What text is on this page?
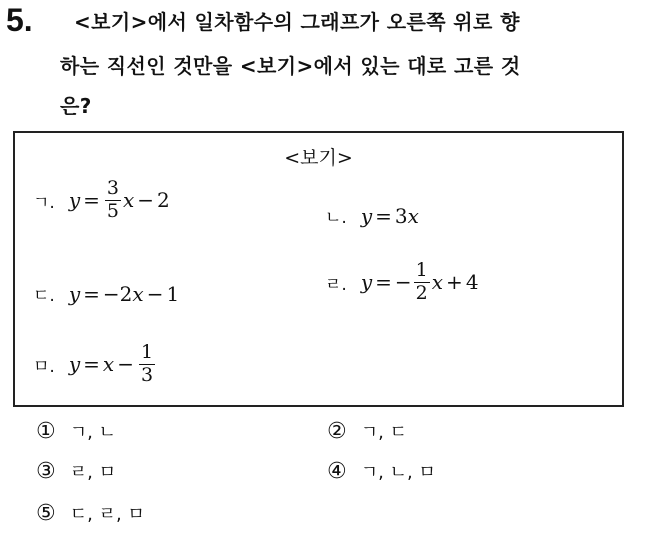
5. <보기>에서 일차함수의 그래프가 오른쪽 위로 향
하는 직선인 것만을 <보기>에서 있는 대로 고른 것
은?
<보기>
ㄱ. $y = \frac{3}{5}$ x − 2
ㄴ. y = 3 x
ㄷ. y = − 2 x − 1	ㄹ. y = − $\frac{1}{2}$ x + 4
ㅁ. $y = x - \frac{1}{3}$
① ㄱ, ㄴ	② ㄱ, ㄷ
③ ㄹ, ㅁ	④ ㄱ, ㄴ, ㅁ
⑤ ㄷ, ㄹ, ㅁ
